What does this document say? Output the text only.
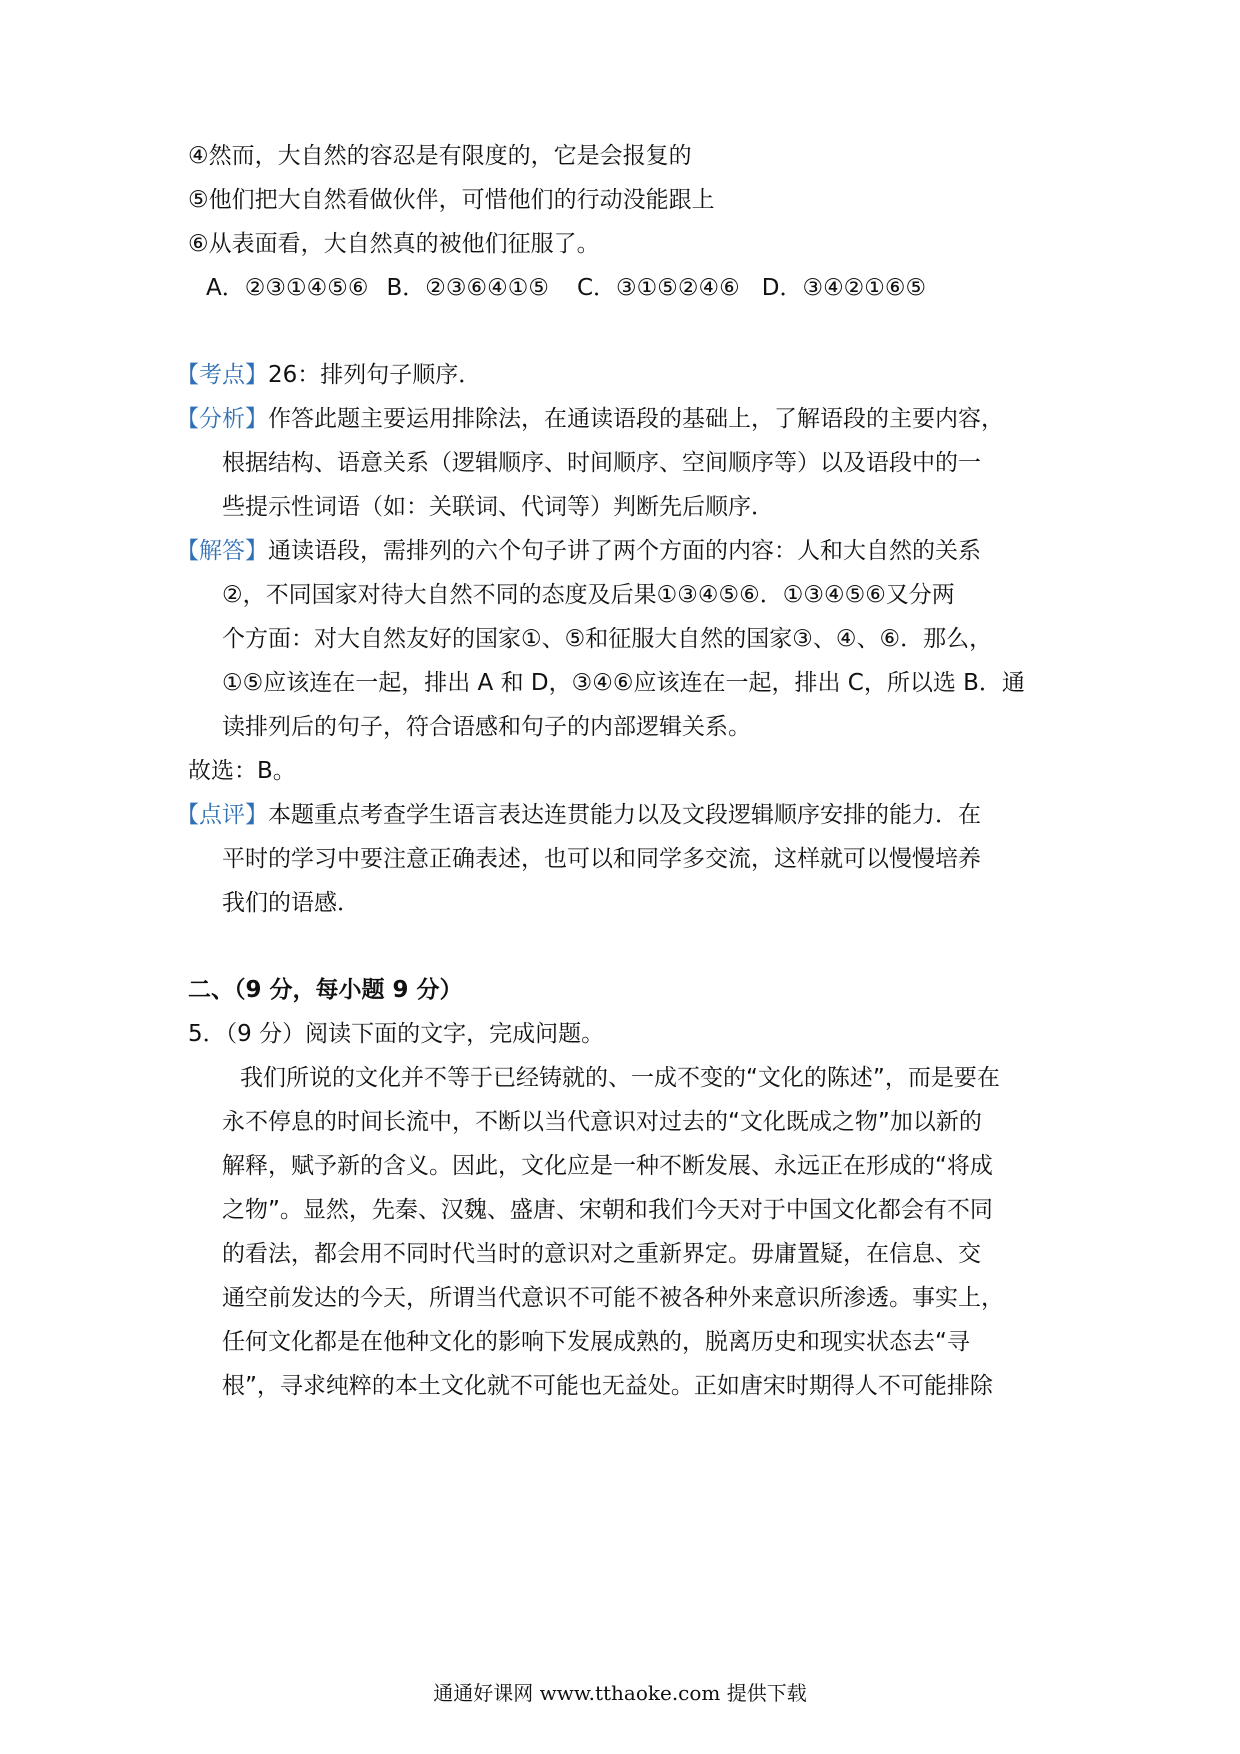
④然而，大自然的容忍是有限度的，它是会报复的
⑤他们把大自然看做伙伴，可惜他们的行动没能跟上
⑥从表面看，大自然真的被他们征服了。
A．②③①④⑤⑥ B．②③⑥④①⑤ C．③①⑤②④⑥ D．③④②①⑥⑤
【考点】26：排列句子顺序．
【分析】作答此题主要运用排除法，在通读语段的基础上，了解语段的主要内容，
根据结构、语意关系（逻辑顺序、时间顺序、空间顺序等）以及语段中的一
些提示性词语（如：关联词、代词等）判断先后顺序．
【解答】通读语段，需排列的六个句子讲了两个方面的内容：人和大自然的关系
②，不同国家对待大自然不同的态度及后果①③④⑤⑥．①③④⑤⑥又分两
个方面：对大自然友好的国家①、⑤和征服大自然的国家③、④、⑥．那么，
①⑤应该连在一起，排出 A 和 D，③④⑥应该连在一起，排出 C，所以选 B．通
读排列后的句子，符合语感和句子的内部逻辑关系。
故选：B。
【点评】本题重点考查学生语言表达连贯能力以及文段逻辑顺序安排的能力．在
平时的学习中要注意正确表述，也可以和同学多交流，这样就可以慢慢培养
我们的语感．
二、（9 分，每小题 9 分）
5．（9 分）阅读下面的文字，完成问题。
我们所说的文化并不等于已经铸就的、一成不变的“文化的陈述”，而是要在
永不停息的时间长流中，不断以当代意识对过去的“文化既成之物”加以新的
解释，赋予新的含义。因此，文化应是一种不断发展、永远正在形成的“将成
之物”。显然，先秦、汉魏、盛唐、宋朝和我们今天对于中国文化都会有不同
的看法，都会用不同时代当时的意识对之重新界定。毋庸置疑，在信息、交
通空前发达的今天，所谓当代意识不可能不被各种外来意识所渗透。事实上，
任何文化都是在他种文化的影响下发展成熟的，脱离历史和现实状态去“寻
根”，寻求纯粹的本土文化就不可能也无益处。正如唐宋时期得人不可能排除
通通好课网 www.tthaoke.com 提供下载
